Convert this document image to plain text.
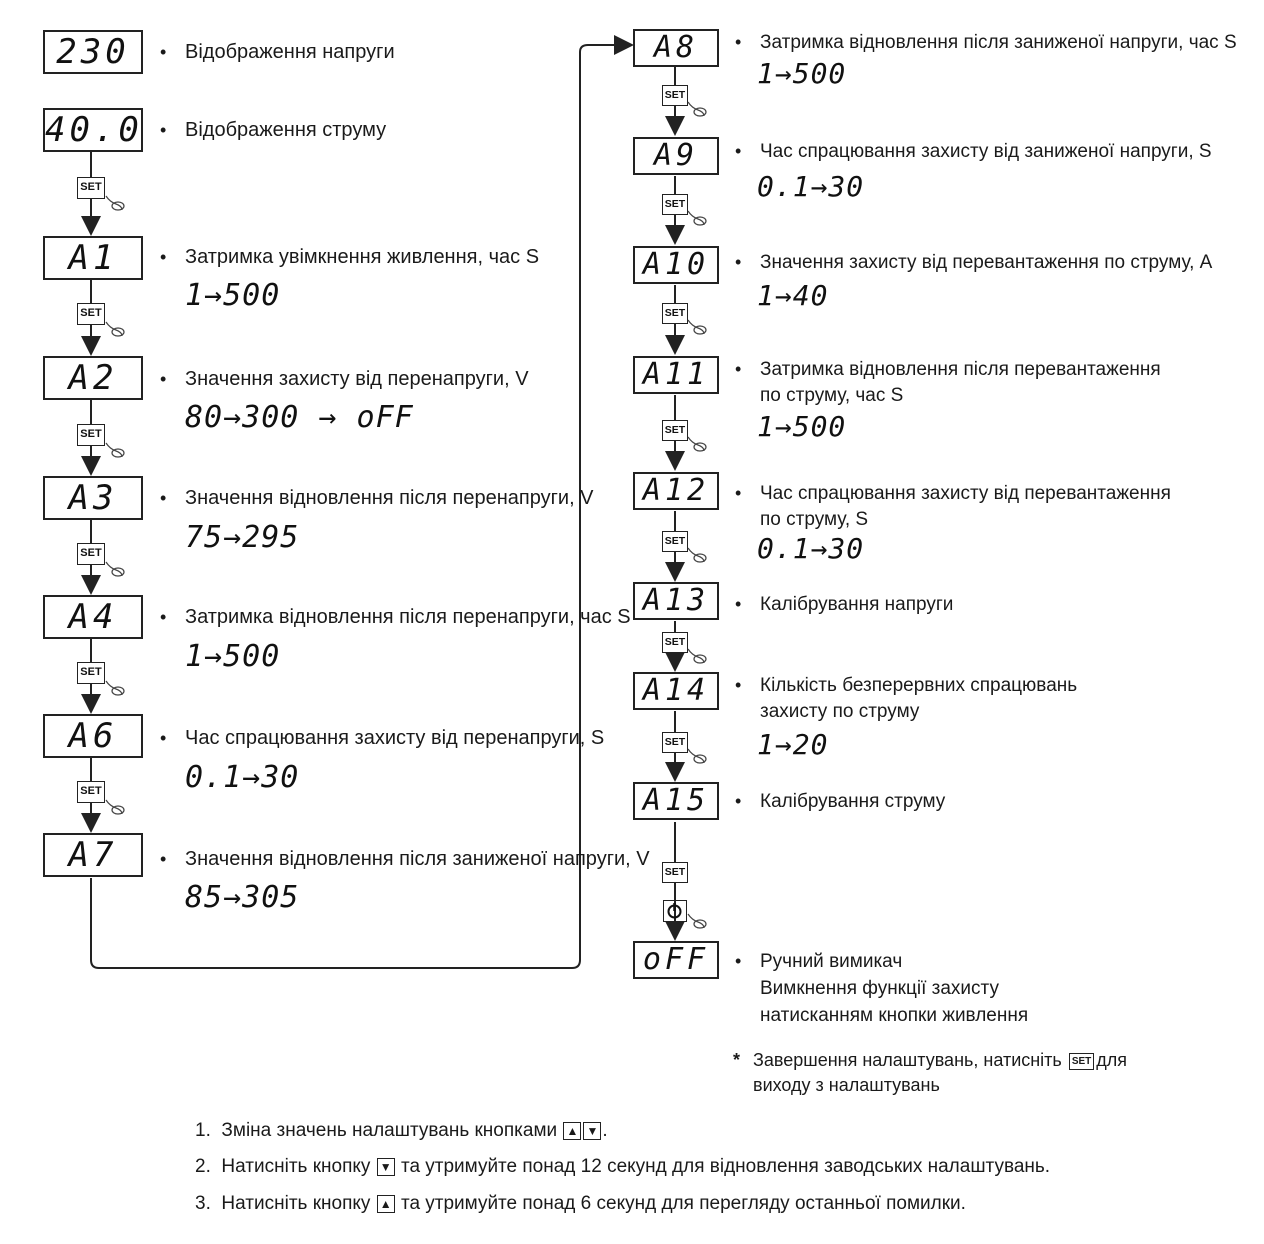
230	• Відображення напруги
40.0 • Відображення струму
SET
A1	• Затримка увімкнення живлення, час S
1→500
SET
A2	• Значення захисту від перенапруги, V
80→300 → oFF
SET
A3	• Значення відновлення після перенапруги, V
75→295
SET
A4	• Затримка відновлення після перенапруги, час S
1→500
SET
A6	• Час спрацювання захисту від перенапруги, S
0.1→30
SET
A7	• Значення відновлення після заниженої напруги, V
85→305
A8	• Затримка відновлення після заниженої напруги, час S
1→500
SET
A9	• Час спрацювання захисту від заниженої напруги, S
0.1→30
SET
A10	• Значення захисту від перевантаження по струму, A
1→40
SET
A11	• Затримка відновлення після перевантаження
по струму, час S
1→500
SET
A12	• Час спрацювання захисту від перевантаження
по струму, S
0.1→30
SET
A13	• Калібрування напруги
SET
A14	• Кількість безперервних спрацювань
захисту по струму
1→20
SET
A15	• Калібрування струму
SET
oFF	• Ручний вимикач
Вимкнення функції захисту
натисканням кнопки живлення
* Завершення налаштувань, натисніть SET для
виходу з налаштувань
1. Зміна значень налаштувань кнопками ▲ ▼ .
2. Натисніть кнопку ▼ та утримуйте понад 12 секунд для відновлення заводських налаштувань.
3. Натисніть кнопку ▲ та утримуйте понад 6 секунд для перегляду останньої помилки.
